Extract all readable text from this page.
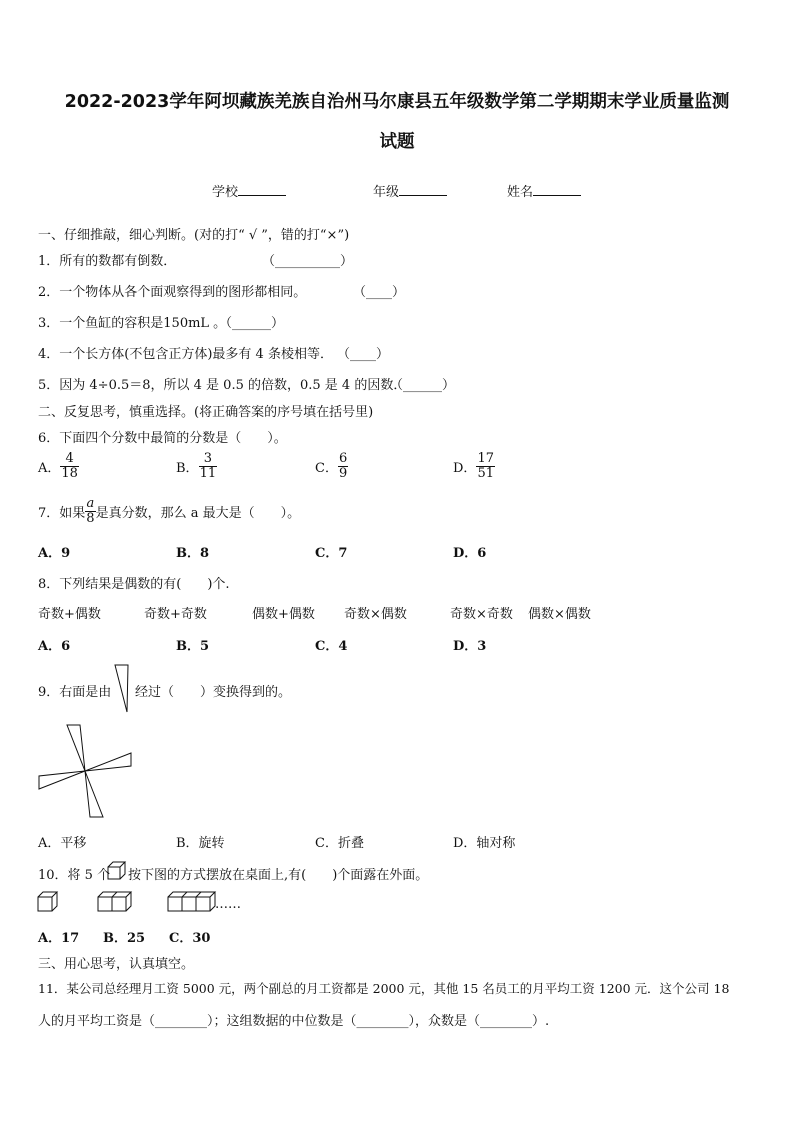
2022-2023学年阿坝藏族羌族自治州马尔康县五年级数学第二学期期末学业质量监测
试题
学校	年级	姓名
一、仔细推敲，细心判断。(对的打“ √ ”，错的打“×”)
1．所有的数都有倒数．	（__________）
2．一个物体从各个面观察得到的图形都相同。	（____）
3．一个鱼缸的容积是150mL 。
（______）
4．一个长方体(不包含正方体)最多有 4 条棱相等． （____）
5．因为 4÷0.5＝8，所以 4 是 0.5 的倍数，0.5 是 4 的因数．
（______）
二、反复思考，慎重选择。(将正确答案的序号填在括号里)
6．下面四个分数中最简的分数是（　　）。
A． $\frac{4}{18}$	B． $\frac{3}{11}$	C． $\frac{6}{9}$	D． $\frac{17}{51}$
7．如果 $\frac{a}{8}$ 是真分数，那么 a 最大是（　　）。
A．9	B．8	C．7	D．6
8．下列结果是偶数的有(　　)个.
奇数+偶数	奇数+奇数	偶数+偶数 奇数×偶数	奇数×奇数 偶数×偶数
A．6	B．5	C．4	D．3
9．右面是由 经过（　　）变换得到的。
A．平移	B．旋转	C．折叠	D．轴对称
10．将 5 个 按下图的方式摆放在桌面上,有(　　)个面露在外面。
……
A．17 B．25 C．30
三、用心思考，认真填空。
11．某公司总经理月工资 5000 元，两个副总的月工资都是 2000 元，其他 15 名员工的月平均工资 1200 元．这个公司 18
人的月平均工资是（________）；这组数据的中位数是（________），众数是（________）.
